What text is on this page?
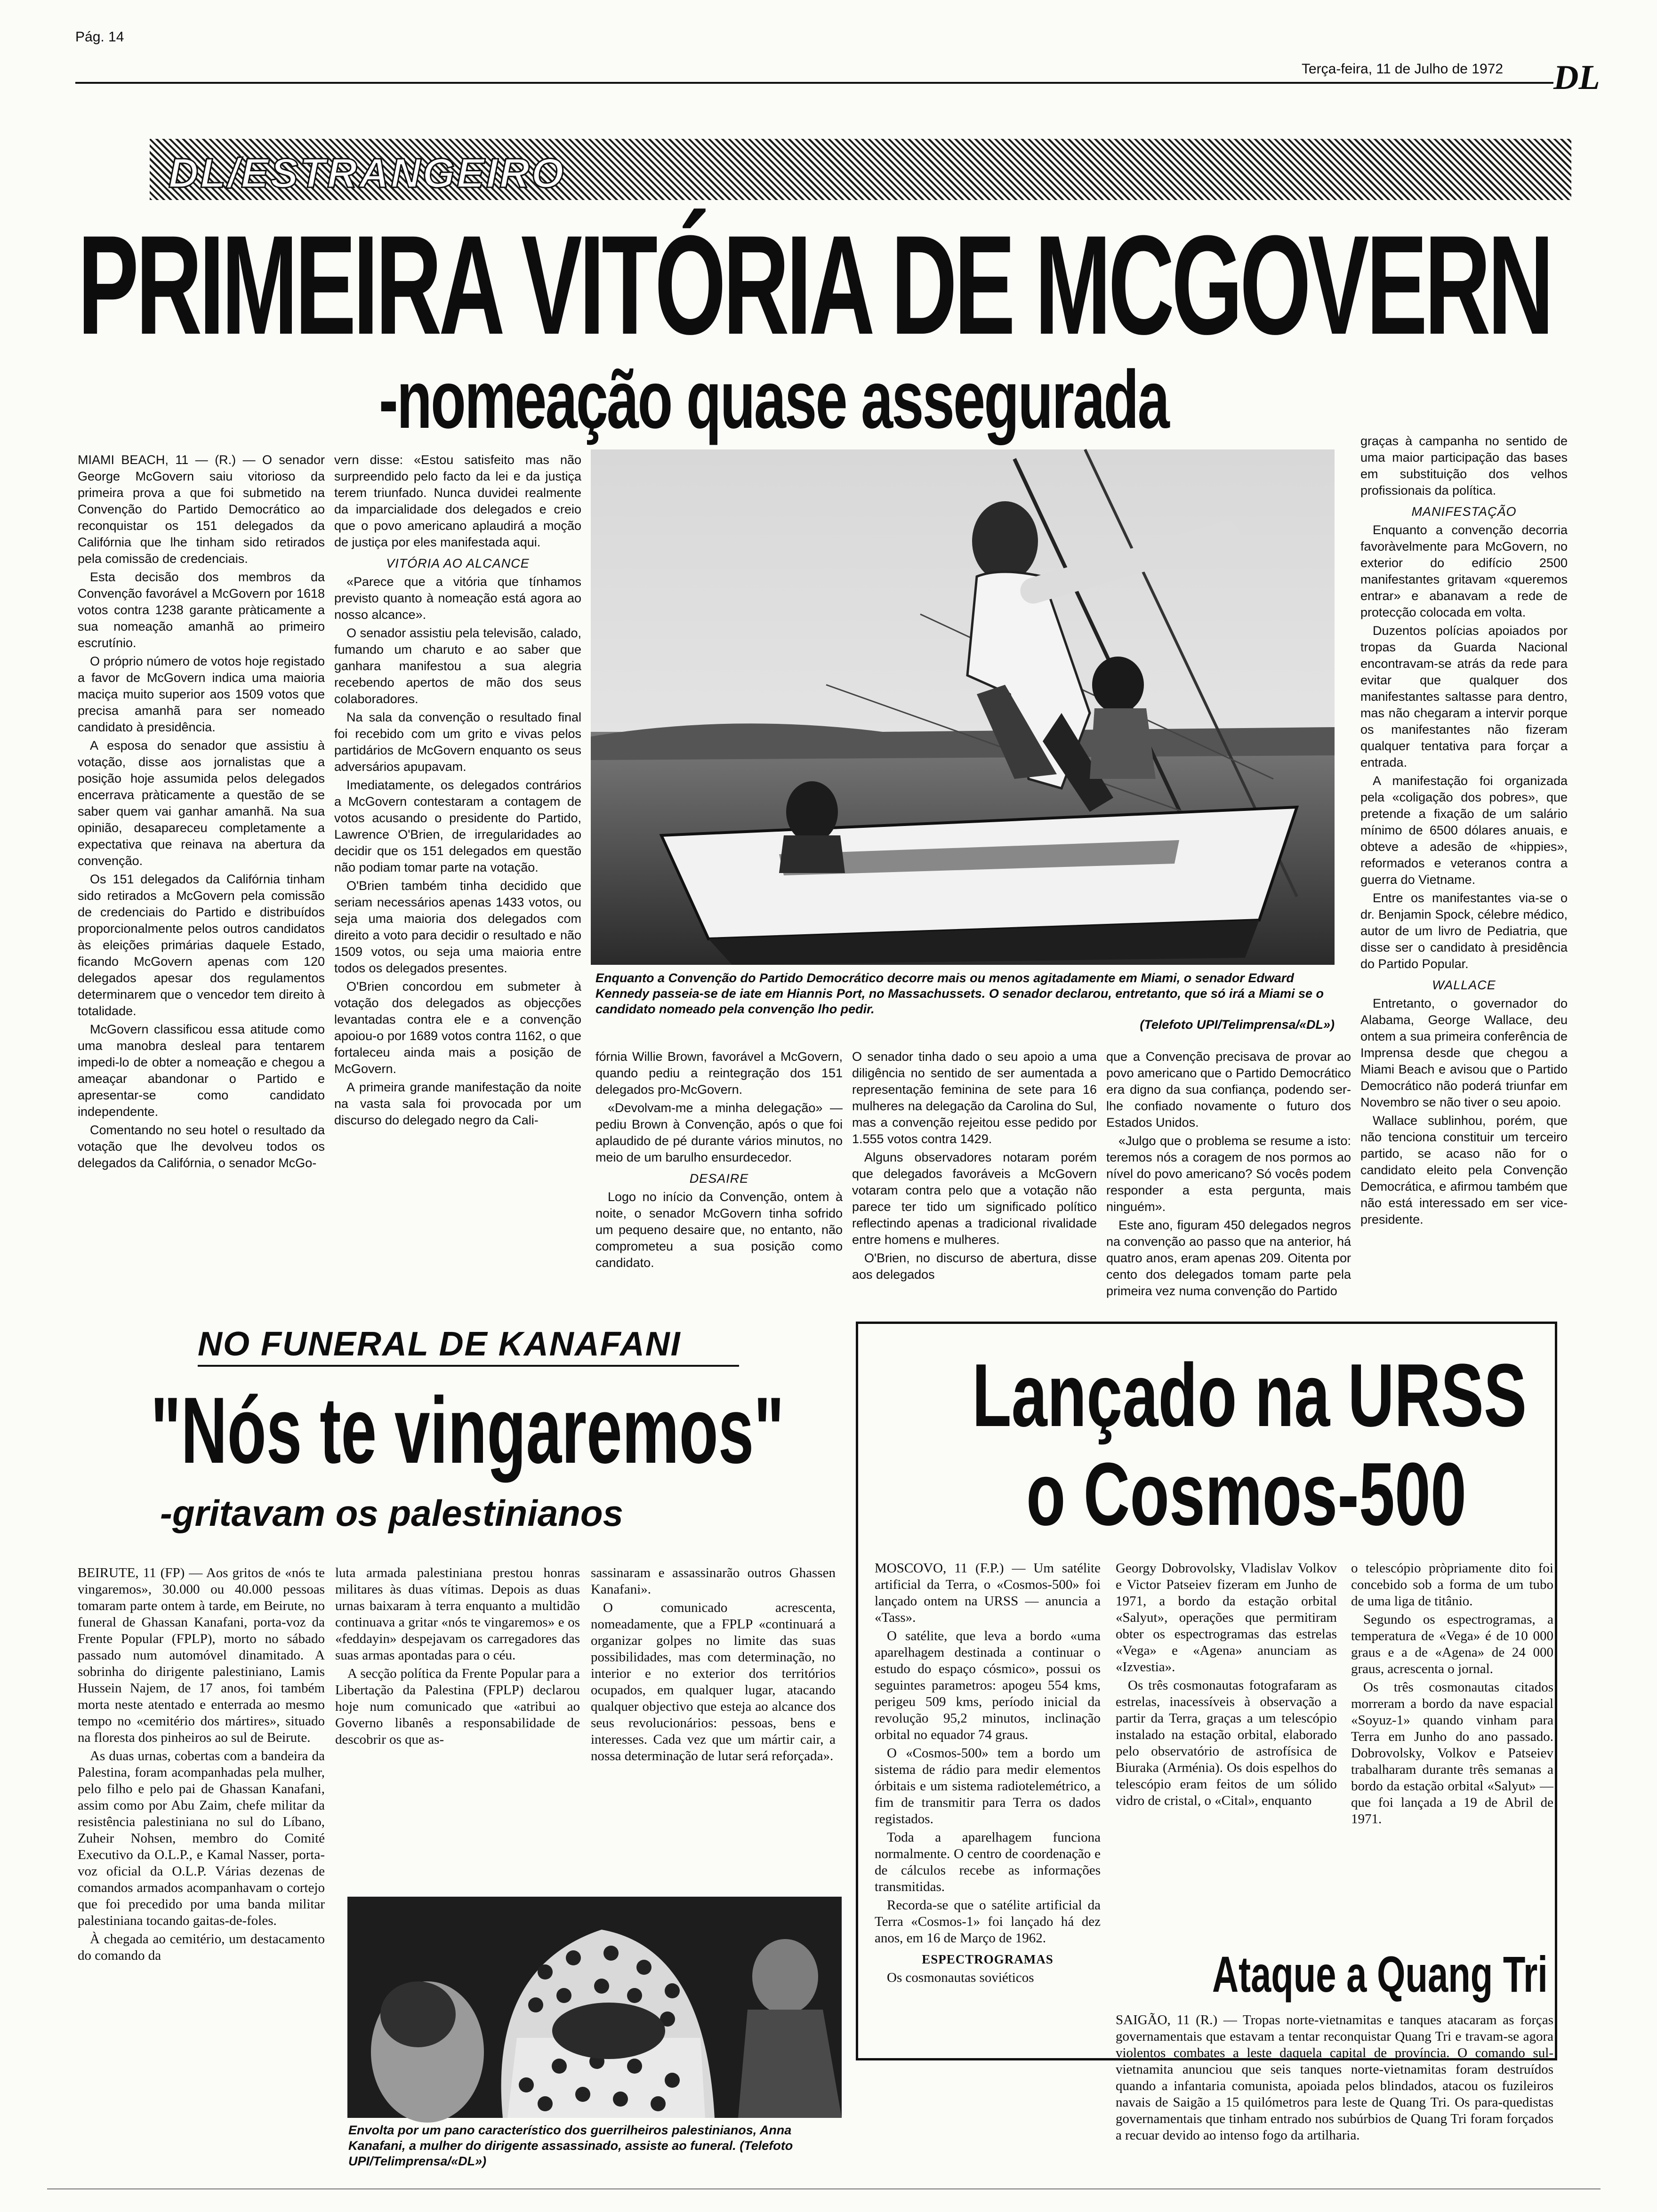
Pág. 14
Terça-feira, 11 de Julho de 1972 DL
DL/ESTRANGEIRO
PRIMEIRA VITÓRIA DE MCGOVERN
-nomeação quase assegurada

MIAMI BEACH, 11 — (R.) — O senador George McGovern saiu vitorioso da primeira prova a que foi submetido na Convenção do Partido Democrático ao reconquistar os 151 delegados da Califórnia que lhe tinham sido retirados pela comissão de credenciais.

Esta decisão dos membros da Convenção favorável a McGovern por 1618 votos contra 1238 garante pràticamente a sua nomeação amanhã ao primeiro escrutínio.

O próprio número de votos hoje registado a favor de McGovern indica uma maioria maciça muito superior aos 1509 votos que precisa amanhã para ser nomeado candidato à presidência.

A esposa do senador que assistiu à votação, disse aos jornalistas que a posição hoje assumida pelos delegados encerrava pràticamente a questão de se saber quem vai ganhar amanhã. Na sua opinião, desapareceu completamente a expectativa que reinava na abertura da convenção.

Os 151 delegados da Califórnia tinham sido retirados a McGovern pela comissão de credenciais do Partido e distribuídos proporcionalmente pelos outros candidatos às eleições primárias daquele Estado, ficando McGovern apenas com 120 delegados apesar dos regulamentos determinarem que o vencedor tem direito à totalidade.

McGovern classificou essa atitude como uma manobra desleal para tentarem impedi-lo de obter a nomeação e chegou a ameaçar abandonar o Partido e apresentar-se como candidato independente.

Comentando no seu hotel o resultado da votação que lhe devolveu todos os delegados da Califórnia, o senador McGo-

vern disse: «Estou satisfeito mas não surpreendido pelo facto da lei e da justiça terem triunfado. Nunca duvidei realmente da imparcialidade dos delegados e creio que o povo americano aplaudirá a moção de justiça por eles manifestada aqui.

VITÓRIA AO ALCANCE

«Parece que a vitória que tínhamos previsto quanto à nomeação está agora ao nosso alcance».

O senador assistiu pela televisão, calado, fumando um charuto e ao saber que ganhara manifestou a sua alegria recebendo apertos de mão dos seus colaboradores.

Na sala da convenção o resultado final foi recebido com um grito e vivas pelos partidários de McGovern enquanto os seus adversários apupavam.

Imediatamente, os delegados contrários a McGovern contestaram a contagem de votos acusando o presidente do Partido, Lawrence O'Brien, de irregularidades ao decidir que os 151 delegados em questão não podiam tomar parte na votação.

O'Brien também tinha decidido que seriam necessários apenas 1433 votos, ou seja uma maioria dos delegados com direito a voto para decidir o resultado e não 1509 votos, ou seja uma maioria entre todos os delegados presentes.

O'Brien concordou em submeter à votação dos delegados as objecções levantadas contra ele e a convenção apoiou-o por 1689 votos contra 1162, o que fortaleceu ainda mais a posição de McGovern.

A primeira grande manifestação da noite na vasta sala foi provocada por um discurso do delegado negro da Cali-

Enquanto a Convenção do Partido Democrático decorre mais ou menos agitadamente em Miami, o senador Edward Kennedy passeia-se de iate em Hiannis Port, no Massachussets. O senador declarou, entretanto, que só irá a Miami se o candidato nomeado pela convenção lho pedir.
(Telefoto UPI/Telimprensa/«DL»)

fórnia Willie Brown, favorável a McGovern, quando pediu a reintegração dos 151 delegados pro-McGovern.

«Devolvam-me a minha delegação» — pediu Brown à Convenção, após o que foi aplaudido de pé durante vários minutos, no meio de um barulho ensurdecedor.

DESAIRE

Logo no início da Convenção, ontem à noite, o senador McGovern tinha sofrido um pequeno desaire que, no entanto, não comprometeu a sua posição como candidato.

O senador tinha dado o seu apoio a uma diligência no sentido de ser aumentada a representação feminina de sete para 16 mulheres na delegação da Carolina do Sul, mas a convenção rejeitou esse pedido por 1.555 votos contra 1429.

Alguns observadores notaram porém que delegados favoráveis a McGovern votaram contra pelo que a votação não parece ter tido um significado político reflectindo apenas a tradicional rivalidade entre homens e mulheres.

O'Brien, no discurso de abertura, disse aos delegados

que a Convenção precisava de provar ao povo americano que o Partido Democrático era digno da sua confiança, podendo ser-lhe confiado novamente o futuro dos Estados Unidos.

«Julgo que o problema se resume a isto: teremos nós a coragem de nos pormos ao nível do povo americano? Só vocês podem responder a esta pergunta, mais ninguém».

Este ano, figuram 450 delegados negros na convenção ao passo que na anterior, há quatro anos, eram apenas 209. Oitenta por cento dos delegados tomam parte pela primeira vez numa convenção do Partido

graças à campanha no sentido de uma maior participação das bases em substituição dos velhos profissionais da política.

MANIFESTAÇÃO

Enquanto a convenção decorria favoràvelmente para McGovern, no exterior do edifício 2500 manifestantes gritavam «queremos entrar» e abanavam a rede de protecção colocada em volta.

Duzentos polícias apoiados por tropas da Guarda Nacional encontravam-se atrás da rede para evitar que qualquer dos manifestantes saltasse para dentro, mas não chegaram a intervir porque os manifestantes não fizeram qualquer tentativa para forçar a entrada.

A manifestação foi organizada pela «coligação dos pobres», que pretende a fixação de um salário mínimo de 6500 dólares anuais, e obteve a adesão de «hippies», reformados e veteranos contra a guerra do Vietname.

Entre os manifestantes via-se o dr. Benjamin Spock, célebre médico, autor de um livro de Pediatria, que disse ser o candidato à presidência do Partido Popular.

WALLACE

Entretanto, o governador do Alabama, George Wallace, deu ontem a sua primeira conferência de Imprensa desde que chegou a Miami Beach e avisou que o Partido Democrático não poderá triunfar em Novembro se não tiver o seu apoio.

Wallace sublinhou, porém, que não tenciona constituir um terceiro partido, se acaso não for o candidato eleito pela Convenção Democrática, e afirmou também que não está interessado em ser vice-presidente.

NO FUNERAL DE KANAFANI
"Nós te vingaremos"
-gritavam os palestinianos

BEIRUTE, 11 (FP) — Aos gritos de «nós te vingaremos», 30.000 ou 40.000 pessoas tomaram parte ontem à tarde, em Beirute, no funeral de Ghassan Kanafani, porta-voz da Frente Popular (FPLP), morto no sábado passado num automóvel dinamitado. A sobrinha do dirigente palestiniano, Lamis Hussein Najem, de 17 anos, foi também morta neste atentado e enterrada ao mesmo tempo no «cemitério dos mártires», situado na floresta dos pinheiros ao sul de Beirute.

As duas urnas, cobertas com a bandeira da Palestina, foram acompanhadas pela mulher, pelo filho e pelo pai de Ghassan Kanafani, assim como por Abu Zaim, chefe militar da resistência palestiniana no sul do Líbano, Zuheir Nohsen, membro do Comité Executivo da O.L.P., e Kamal Nasser, porta-voz oficial da O.L.P. Várias dezenas de comandos armados acompanhavam o cortejo que foi precedido por uma banda militar palestiniana tocando gaitas-de-foles.

À chegada ao cemitério, um destacamento do comando da

luta armada palestiniana prestou honras militares às duas vítimas. Depois as duas urnas baixaram à terra enquanto a multidão continuava a gritar «nós te vingaremos» e os «feddayin» despejavam os carregadores das suas armas apontadas para o céu.

A secção política da Frente Popular para a Libertação da Palestina (FPLP) declarou hoje num comunicado que «atribui ao Governo libanês a responsabilidade de descobrir os que as-

sassinaram e assassinarão outros Ghassen Kanafani».

O comunicado acrescenta, nomeadamente, que a FPLP «continuará a organizar golpes no limite das suas possibilidades, mas com determinação, no interior e no exterior dos territórios ocupados, em qualquer lugar, atacando qualquer objectivo que esteja ao alcance dos seus revolucionários: pessoas, bens e interesses. Cada vez que um mártir cair, a nossa determinação de lutar será reforçada».

Envolta por um pano característico dos guerrilheiros palestinianos, Anna Kanafani, a mulher do dirigente assassinado, assiste ao funeral. (Telefoto UPI/Telimprensa/«DL»)
Lançado na URSS
o Cosmos-500

MOSCOVO, 11 (F.P.) — Um satélite artificial da Terra, o «Cosmos-500» foi lançado ontem na URSS — anuncia a «Tass».

O satélite, que leva a bordo «uma aparelhagem destinada a continuar o estudo do espaço cósmico», possui os seguintes parametros: apogeu 554 kms, perigeu 509 kms, período inicial da revolução 95,2 minutos, inclinação orbital no equador 74 graus.

O «Cosmos-500» tem a bordo um sistema de rádio para medir elementos órbitais e um sistema radiotelemétrico, a fim de transmitir para Terra os dados registados.

Toda a aparelhagem funciona normalmente. O centro de coordenação e de cálculos recebe as informações transmitidas.

Recorda-se que o satélite artificial da Terra «Cosmos-1» foi lançado há dez anos, em 16 de Março de 1962.

ESPECTROGRAMAS

Os cosmonautas soviéticos

Georgy Dobrovolsky, Vladislav Volkov e Victor Patseiev fizeram em Junho de 1971, a bordo da estação orbital «Salyut», operações que permitiram obter os espectrogramas das estrelas «Vega» e «Agena» anunciam as «Izvestia».

Os três cosmonautas fotografaram as estrelas, inacessíveis à observação a partir da Terra, graças a um telescópio instalado na estação orbital, elaborado pelo observatório de astrofísica de Biuraka (Arménia). Os dois espelhos do telescópio eram feitos de um sólido vidro de cristal, o «Cital», enquanto

o telescópio pròpriamente dito foi concebido sob a forma de um tubo de uma liga de titânio.

Segundo os espectrogramas, a temperatura de «Vega» é de 10 000 graus e a de «Agena» de 24 000 graus, acrescenta o jornal.

Os três cosmonautas citados morreram a bordo da nave espacial «Soyuz-1» quando vinham para Terra em Junho do ano passado. Dobrovolsky, Volkov e Patseiev trabalharam durante três semanas a bordo da estação orbital «Salyut» — que foi lançada a 19 de Abril de 1971.

Ataque a Quang Tri

SAIGÃO, 11 (R.) — Tropas norte-vietnamitas e tanques atacaram as forças governamentais que estavam a tentar reconquistar Quang Tri e travam-se agora violentos combates a leste daquela capital de província. O comando sul-vietnamita anunciou que seis tanques norte-vietnamitas foram destruídos quando a infantaria comunista, apoiada pelos blindados, atacou os fuzileiros navais de Saigão a 15 quilómetros para leste de Quang Tri. Os para-quedistas governamentais que tinham entrado nos subúrbios de Quang Tri foram forçados a recuar devido ao intenso fogo da artilharia.
